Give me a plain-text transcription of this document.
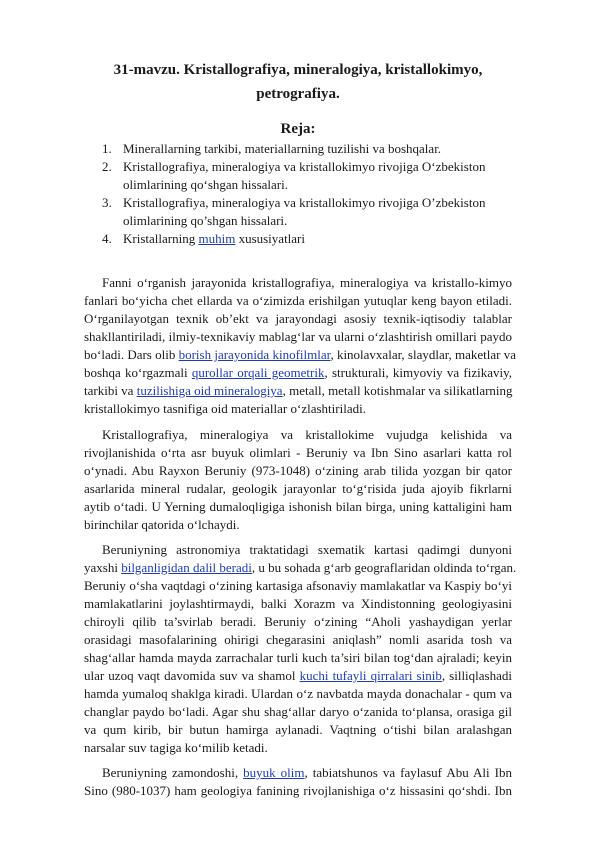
31-mavzu. Kristallografiya, mineralogiya, kristallokimyo,
petrografiya.
Reja:
1. Minerallarning tarkibi, materiallarning tuzilishi va boshqalar.
2. Kristallografiya, mineralogiya va kristallokimyo rivojiga O‘zbekiston
olimlarining qo‘shgan hissalari.
3. Kristallografiya, mineralogiya va kristallokimyo rivojiga O’zbekiston
olimlarining qo’shgan hissalari.
4. Kristallarning muhim xususiyatlari
Fanni o‘rganish jarayonida kristallografiya, mineralogiya va kristallo-kimyo
fanlari bo‘yicha chet ellarda va o‘zimizda erishilgan yutuqlar keng bayon etiladi.
O‘rganilayotgan texnik ob’ekt va jarayondagi asosiy texnik-iqtisodiy talablar
shakllantiriladi, ilmiy-texnikaviy mablag‘lar va ularni o‘zlashtirish omillari paydo
bo‘ladi. Dars olib borish jarayonida kinofilmlar, kinolavxalar, slaydlar, maketlar va
boshqa ko‘rgazmali qurollar orqali geometrik, strukturali, kimyoviy va fizikaviy,
tarkibi va tuzilishiga oid mineralogiya, metall, metall kotishmalar va silikatlarning
kristallokimyo tasnifiga oid materiallar o‘zlashtiriladi.
Kristallografiya, mineralogiya va kristallokime vujudga kelishida va
rivojlanishida o‘rta asr buyuk olimlari - Beruniy va Ibn Sino asarlari katta rol
o‘ynadi. Abu Rayxon Beruniy (973-1048) o‘zining arab tilida yozgan bir qator
asarlarida mineral rudalar, geologik jarayonlar to‘g‘risida juda ajoyib fikrlarni
aytib o‘tadi. U Yerning dumaloqligiga ishonish bilan birga, uning kattaligini ham
birinchilar qatorida o‘lchaydi.
Beruniyning astronomiya traktatidagi sxematik kartasi qadimgi dunyoni
yaxshi bilganligidan dalil beradi, u bu sohada g‘arb geograflaridan oldinda to‘rgan.
Beruniy o‘sha vaqtdagi o‘zining kartasiga afsonaviy mamlakatlar va Kaspiy bo‘yi
mamlakatlarini joylashtirmaydi, balki Xorazm va Xindistonning geologiyasini
chiroyli qilib ta’svirlab beradi. Beruniy o‘zining “Aholi yashaydigan yerlar
orasidagi masofalarining ohirigi chegarasini aniqlash” nomli asarida tosh va
shag‘allar hamda mayda zarrachalar turli kuch ta’siri bilan tog‘dan ajraladi; keyin
ular uzoq vaqt davomida suv va shamol kuchi tufayli qirralari sinib, silliqlashadi
hamda yumaloq shaklga kiradi. Ulardan o‘z navbatda mayda donachalar - qum va
changlar paydo bo‘ladi. Agar shu shag‘allar daryo o‘zanida to‘plansa, orasiga gil
va qum kirib, bir butun hamirga aylanadi. Vaqtning o‘tishi bilan aralashgan
narsalar suv tagiga ko‘milib ketadi.
Beruniyning zamondoshi, buyuk olim, tabiatshunos va faylasuf Abu Ali Ibn
Sino (980-1037) ham geologiya fanining rivojlanishiga o‘z hissasini qo‘shdi. Ibn
